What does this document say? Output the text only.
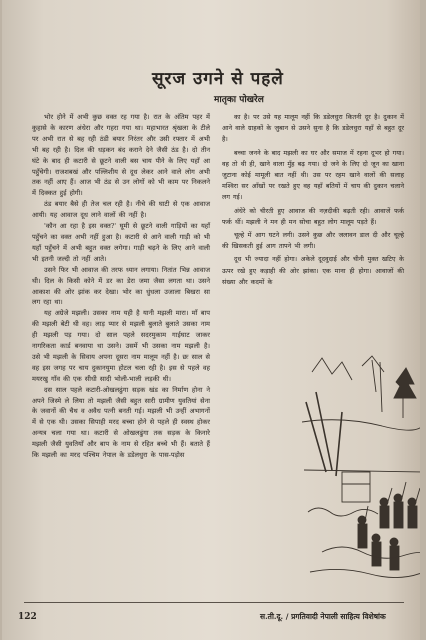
सूरज उगने से पहले
मातृका पोखरेल

भोर होने में अभी कुछ वक्त रह गया है। रात के अंतिम पहर में कुहासे के कारण अंधेरा और गहरा गया था। महाभारत श्रृंखला के टीले पर अभी रात से बह रही ठंडी बयार निरंतर और उसी रफ्तार में अभी भी बह रही है। दिल की धड़कन बंद कराने देने जैसी ठंड है। दो तीन घंटे के बाद ही कटारी से छूटने वाली बस चाय पीने के लिए यहाँ आ पहुँचेगी। राजशबखं और पल्लिशीय से दूध लेकर आने वाले लोग अभी तक नहीं आए हैं। आज भी ठंड से उन लोगों को भी काम पर निकलने में दिक्कत हुई होगी।

ठंड बयार बैसे ही तेज चल रही है। नीचे की घाटी से एक आवाज आयी। यह आवाज दूध लाने वालों की नहीं है।

'कौन आ रहा है इस वक्त?' घूमी से छूटने वाली गाड़ियों का यहाँ पहुँचने का वक्त अभी नहीं हुआ है। कटारी से आने वाली गाड़ी को भी यहाँ पहुँचने में अभी बहुत वक्त लगेगा। गाड़ी चढ़ने के लिए आने वाली भी इतनी जल्दी तो नहीं आते।

उसने फिर भी आवाज की तरफ ध्यान लगाया। नितांत भिन्न आवाज थी। दिल के किसी कोने में डर का डेरा जमा जैसा लगता था। उसने आकाश की ओर झांक कर देखा। भोर का धुंधला उजाला बिखरा सा लग रहा था।

यह अग्रेजे मझली। उसका नाम यही है यानी मझली मारा। माँ बाप की मझली बेटी थी वह। लाड़ प्यार से मझली बुलाते बुलाते उसका नाम ही मझली पड़ गया। दो साल पहले सदरमुकाम गाईघाट जाकर नागरिकता कार्ड बनवाया था उसने। उसमें भी उसका नाम मझली है। उसे भी मझली के सिवाय अपना दूसरा नाम मालूम नहीं है। छः साल से वह इस जगह पर चाय दुकानयुमा होटल चला रही है। इस से पहले वह मयरखु गाँव की एक सीधी सादी भोली-भाली लड़की थी।

दस साल पहले कटारी-ओखलढुंगा सड़क खंड का निर्माण होना ने अपने जिस्मे ले लिया तो मझली जैसी बहुत सारी ग्रामीण युवतियां सेना के जवानों की चैथ व अवैध पत्नी बनती गई। मझली भी उन्हीं अभागनों में से एक थी। उसका सिपाही मरद बच्चा होने से पहले ही स्वस्थ होकर अन्यत्र चला गया था। कटारी से ओखलढुंगा तक सड़क के किनारे मझली जैसी युवतियाँ और बाप के नाम से रहित बच्चे भी हैं। बताते हैं कि मझली का मरद पश्चिम नेपाल के डडेलधुरा के पास-पड़ोस

का है। पर उसे यह मालूम नहीं कि डडेलधुरा कितनी दूर है। दुकान में आने वाले ग्राहकों के जुबान से उसने सुना है कि डडेलधुरा यहाँ से बहुत दूर है।

बच्चा जनने के बाद मझली का घर और समाज में रहना दूभर हो गया। वह तो थी ही, खाने वाला मुँह बढ़ गया। दो जने के लिए दो जून का खाना जुटाना कोई मामूली बात नहीं थी। उस पर रहम खाने वालों की सलाह मश्विरा सर आँखों पर रखते हुए वह यहाँ बतियों में चाय की दुकान चलाने लग गई।

अंधेरे को चीरती हुए आवाज की नज़दीकी बढ़ती रही। आवाजें फर्क फर्क थीं। मझली ने मन ही मन सोचा बहुत लोग मालूम पड़ते हैं।

चूल्हे में आग घटने लगी। उसने कुछ और जलावन डाल दी और चूल्हे की खिसकती हुई आग तापने भी लगी।

दूध भी ज्यादा नहीं होगा। अकेले दूदवुदाई और चीनी मुक्त खटिए के ऊपर रखे हुए कड़ाही की ओर झांका। एक माना ही होगा। आवाजों की संख्या और कदमों के

122	स.ती.दू. / प्रगतिवादी नेपाली साहित्य विशेषांक
